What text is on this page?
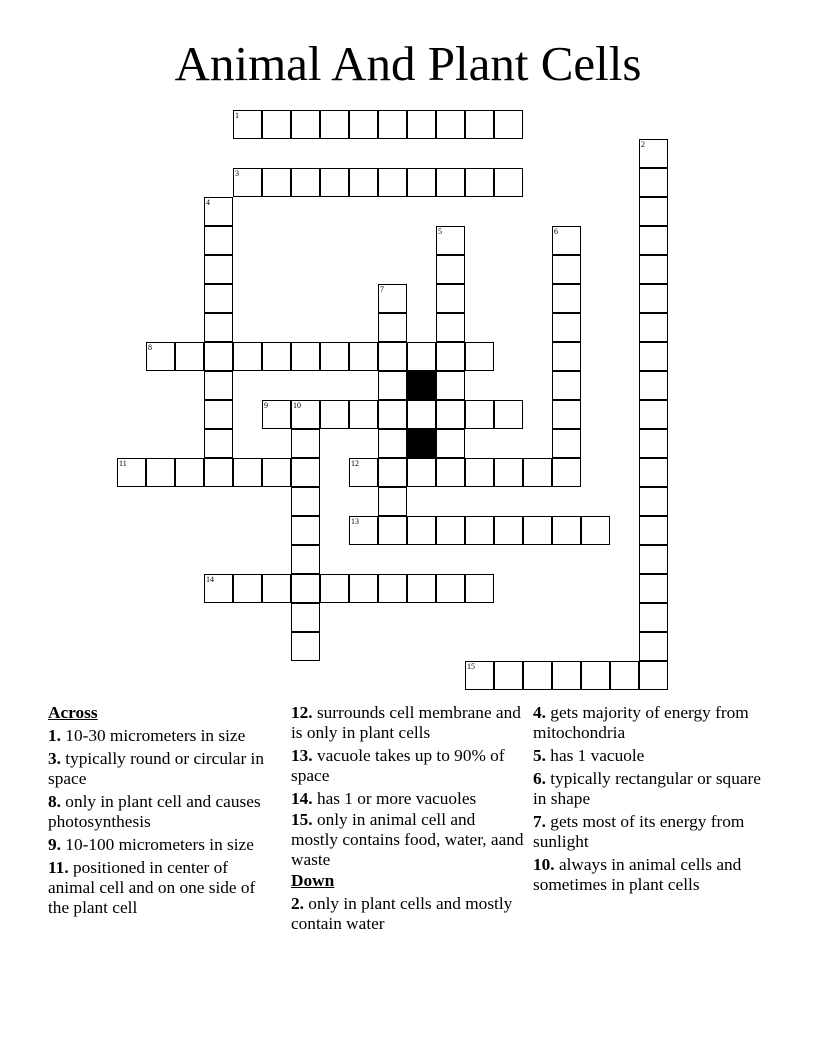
Animal And Plant Cells
1
2
3
4
5	6
7
8
9	10
11	12
13
14
15
Across
1. 10-30 micrometers in size
3. typically round or circular in space
8. only in plant cell and causes photosynthesis
9. 10-100 micrometers in size
11. positioned in center of animal cell and on one side of the plant cell
12. surrounds cell membrane and is only in plant cells
13. vacuole takes up to 90% of space
14. has 1 or more vacuoles
15. only in animal cell and mostly contains food, water, aand waste
Down
2. only in plant cells and mostly contain water
4. gets majority of energy from mitochondria
5. has 1 vacuole
6. typically rectangular or square in shape
7. gets most of its energy from sunlight
10. always in animal cells and sometimes in plant cells
